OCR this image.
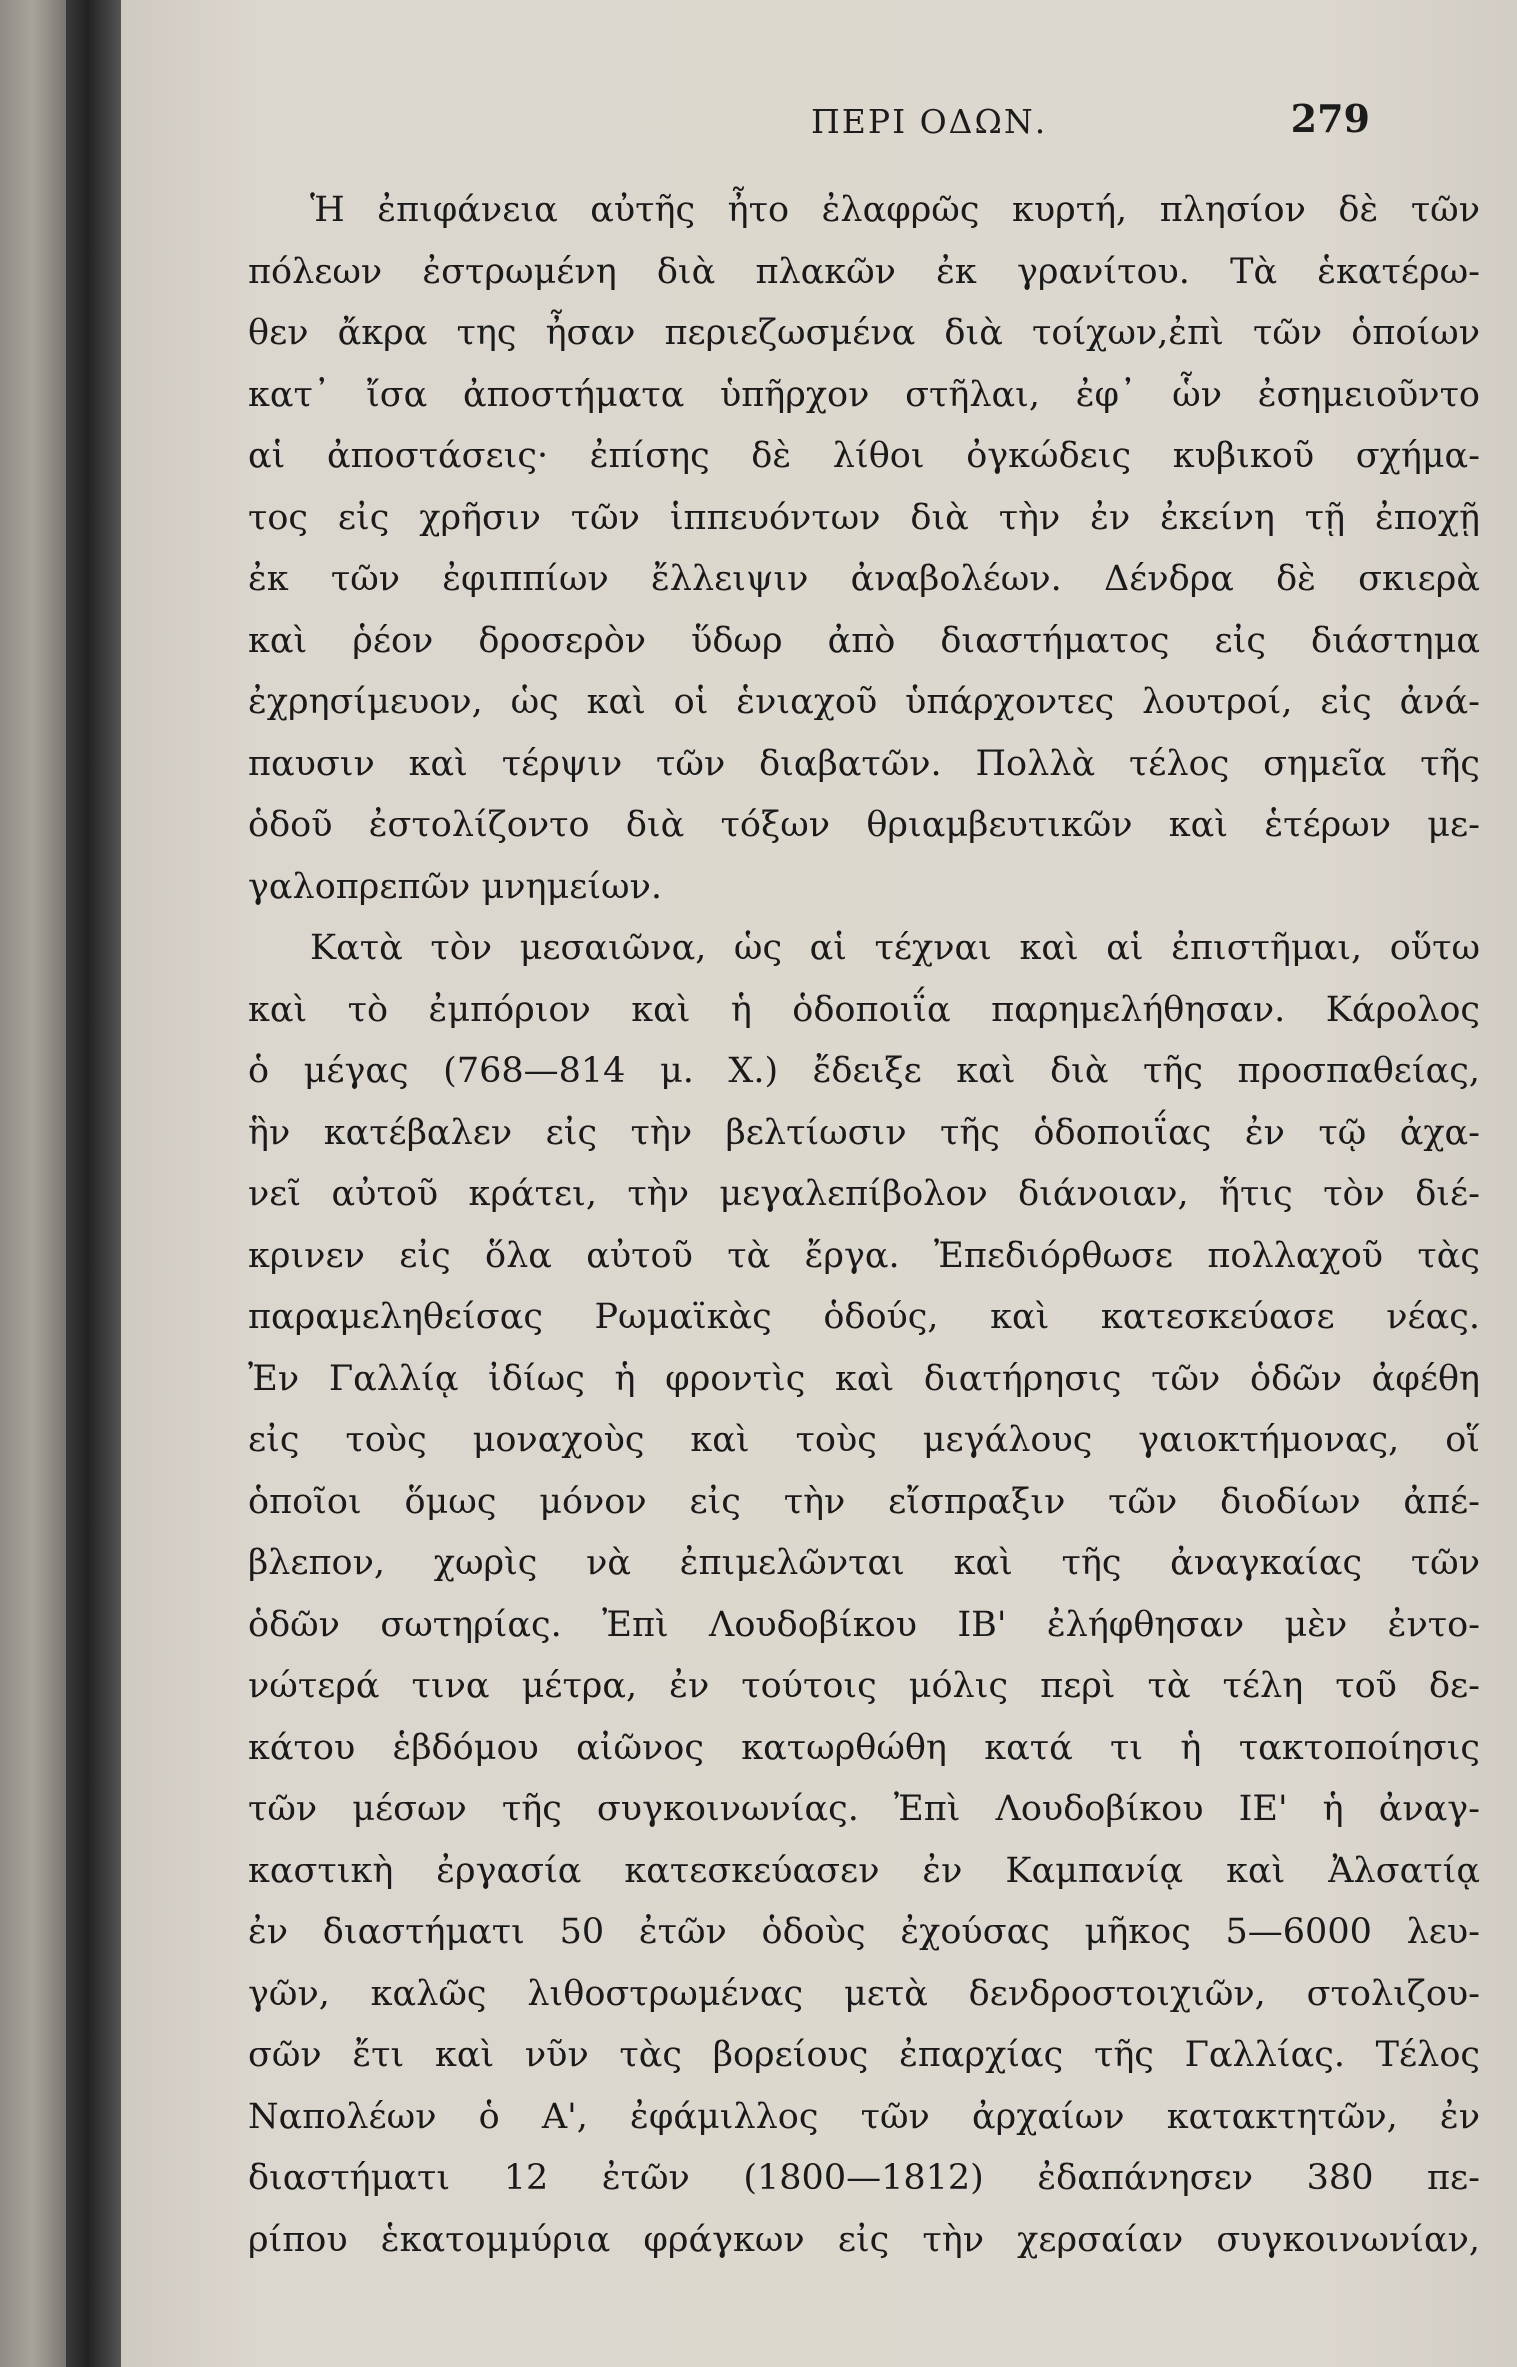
ΠΕΡΙ ΟΔΩΝ.	279
Ἡ ἐπιφάνεια αὐτῆς ἦτο ἐλαφρῶς κυρτή, πλησίον δὲ τῶν
πόλεων ἐστρωμένη διὰ πλακῶν ἐκ γρανίτου. Τὰ ἑκατέρω-
θεν ἄκρα της ἦσαν περιεζωσμένα διὰ τοίχων,ἐπὶ τῶν ὁποίων
κατ᾽ ἴσα ἀποστήματα ὑπῆρχον στῆλαι, ἐφ᾽ ὧν ἐσημειοῦντο
αἱ ἀποστάσεις· ἐπίσης δὲ λίθοι ὀγκώδεις κυβικοῦ σχήμα-
τος εἰς χρῆσιν τῶν ἱππευόντων διὰ τὴν ἐν ἐκείνη τῇ ἐποχῇ
ἐκ τῶν ἐφιππίων ἔλλειψιν ἀναβολέων. Δένδρα δὲ σκιερὰ
καὶ ῥέον δροσερὸν ὕδωρ ἀπὸ διαστήματος εἰς διάστημα
ἐχρησίμευον, ὡς καὶ οἱ ἑνιαχοῦ ὑπάρχοντες λουτροί, εἰς ἀνά-
παυσιν καὶ τέρψιν τῶν διαβατῶν. Πολλὰ τέλος σημεῖα τῆς
ὁδοῦ ἐστολίζοντο διὰ τόξων θριαμβευτικῶν καὶ ἑτέρων με-
γαλοπρεπῶν μνημείων.
Κατὰ τὸν μεσαιῶνα, ὡς αἱ τέχναι καὶ αἱ ἐπιστῆμαι, οὕτω
καὶ τὸ ἐμπόριον καὶ ἡ ὁδοποιΐα παρημελήθησαν. Κάρολος
ὁ μέγας (768—814 μ. Χ.) ἔδειξε καὶ διὰ τῆς προσπαθείας,
ἣν κατέβαλεν εἰς τὴν βελτίωσιν τῆς ὁδοποιΐας ἐν τῷ ἀχα-
νεῖ αὐτοῦ κράτει, τὴν μεγαλεπίβολον διάνοιαν, ἥτις τὸν διέ-
κρινεν εἰς ὅλα αὐτοῦ τὰ ἔργα. Ἐπεδιόρθωσε πολλαχοῦ τὰς
παραμεληθείσας Ρωμαϊκὰς ὁδούς, καὶ κατεσκεύασε νέας.
Ἐν Γαλλίᾳ ἰδίως ἡ φροντὶς καὶ διατήρησις τῶν ὁδῶν ἀφέθη
εἰς τοὺς μοναχοὺς καὶ τοὺς μεγάλους γαιοκτήμονας, οἵ
ὁποῖοι ὅμως μόνον εἰς τὴν εἴσπραξιν τῶν διοδίων ἀπέ-
βλεπον, χωρὶς νὰ ἐπιμελῶνται καὶ τῆς ἀναγκαίας τῶν
ὁδῶν σωτηρίας. Ἐπὶ Λουδοβίκου ΙΒ' ἐλήφθησαν μὲν ἐντο-
νώτερά τινα μέτρα, ἐν τούτοις μόλις περὶ τὰ τέλη τοῦ δε-
κάτου ἑβδόμου αἰῶνος κατωρθώθη κατά τι ἡ τακτοποίησις
τῶν μέσων τῆς συγκοινωνίας. Ἐπὶ Λουδοβίκου ΙΕ' ἡ ἀναγ-
καστικὴ ἐργασία κατεσκεύασεν ἐν Καμπανίᾳ καὶ Ἀλσατίᾳ
ἐν διαστήματι 50 ἐτῶν ὁδοὺς ἐχούσας μῆκος 5—6000 λευ-
γῶν, καλῶς λιθοστρωμένας μετὰ δενδροστοιχιῶν, στολιζου-
σῶν ἔτι καὶ νῦν τὰς βορείους ἐπαρχίας τῆς Γαλλίας. Τέλος
Ναπολέων ὁ Α', ἐφάμιλλος τῶν ἀρχαίων κατακτητῶν, ἐν
διαστήματι 12 ἐτῶν (1800—1812) ἐδαπάνησεν 380 πε-
ρίπου ἑκατομμύρια φράγκων εἰς τὴν χερσαίαν συγκοινωνίαν,
